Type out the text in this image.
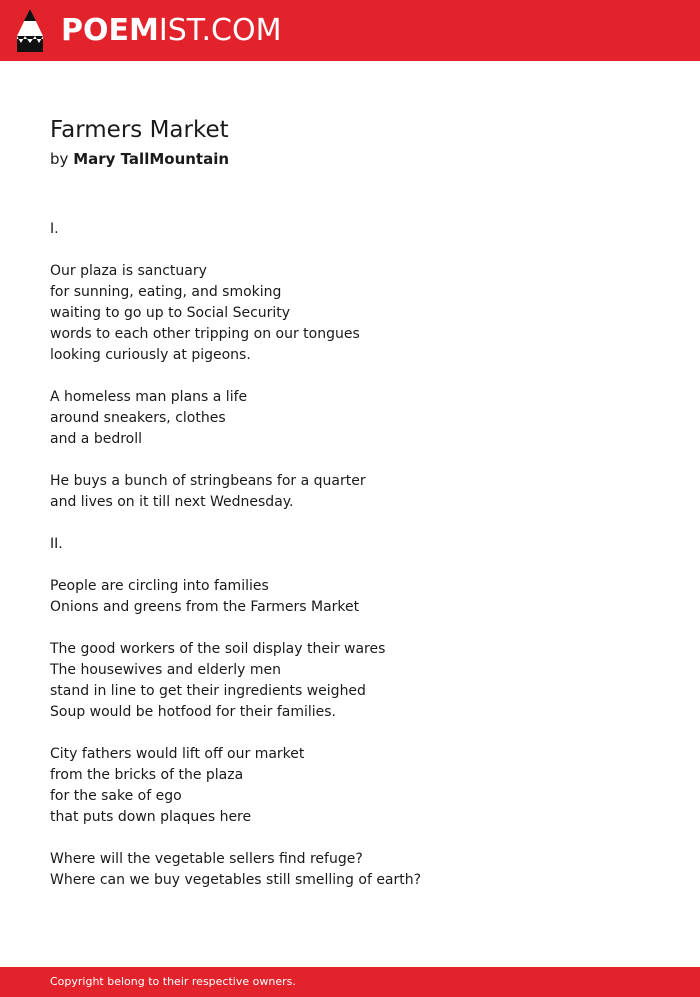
POEMIST.COM
Farmers Market
by Mary TallMountain
I.
Our plaza is sanctuary
for sunning, eating, and smoking
waiting to go up to Social Security
words to each other tripping on our tongues
looking curiously at pigeons.
A homeless man plans a life
around sneakers, clothes
and a bedroll
He buys a bunch of stringbeans for a quarter
and lives on it till next Wednesday.
II.
People are circling into families
Onions and greens from the Farmers Market
The good workers of the soil display their wares
The housewives and elderly men
stand in line to get their ingredients weighed
Soup would be hotfood for their families.
City fathers would lift off our market
from the bricks of the plaza
for the sake of ego
that puts down plaques here
Where will the vegetable sellers find refuge?
Where can we buy vegetables still smelling of earth?
Copyright belong to their respective owners.
